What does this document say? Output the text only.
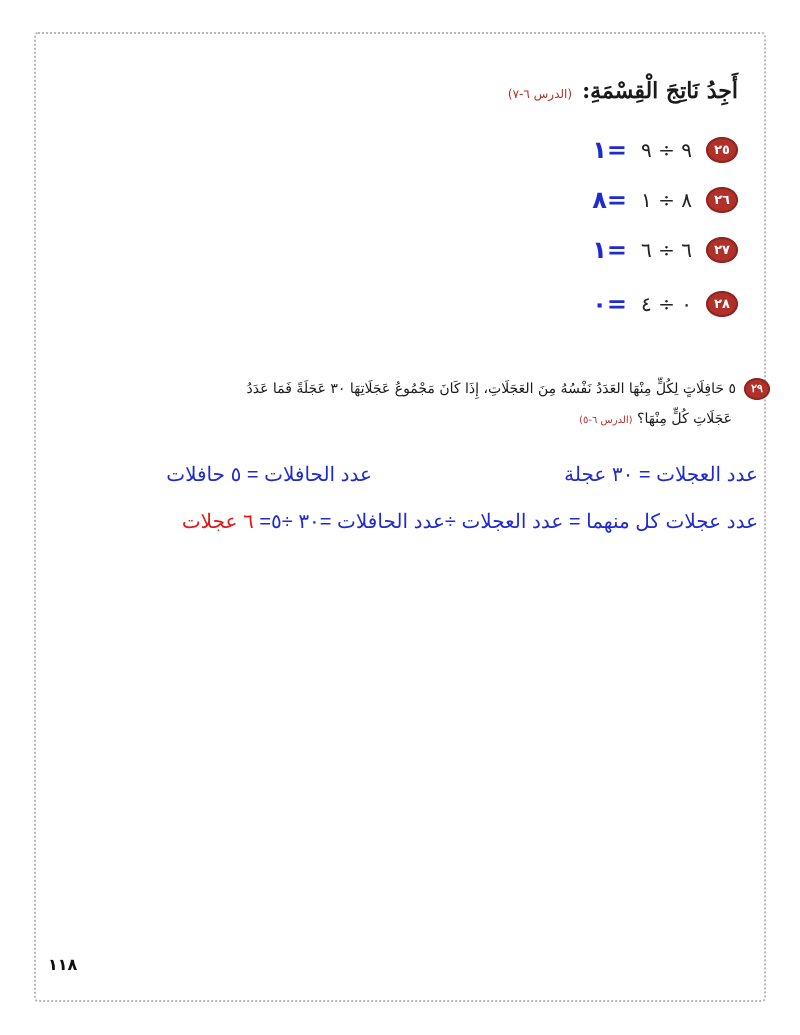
أَجِدُ نَاتِجَ الْقِسْمَةِ:
(الدرس ٦-٧)
٢٥
٩ ÷ ٩
=١
٢٦
٨ ÷ ١
=٨
٢٧
٦ ÷ ٦
=١
٢٨
٠ ÷ ٤
=٠
٢٩٥ حَافِلَاتٍ لِكُلٍّ مِنْهَا العَدَدُ نَفْسُهُ مِنَ العَجَلَاتِ، إِذَا كَانَ مَجْمُوعُ عَجَلَاتِهَا ٣٠ عَجَلَةً فَمَا عَدَدُ
عَجَلَاتِ كُلٍّ مِنْهَا؟ (الدرس ٦-٥)
عدد العجلات = ٣٠ عجلة
عدد الحافلات = ٥ حافلات
عدد عجلات كل منهما = عدد العجلات ÷عدد الحافلات =٣٠ ÷٥= ٦ عجلات
١١٨
